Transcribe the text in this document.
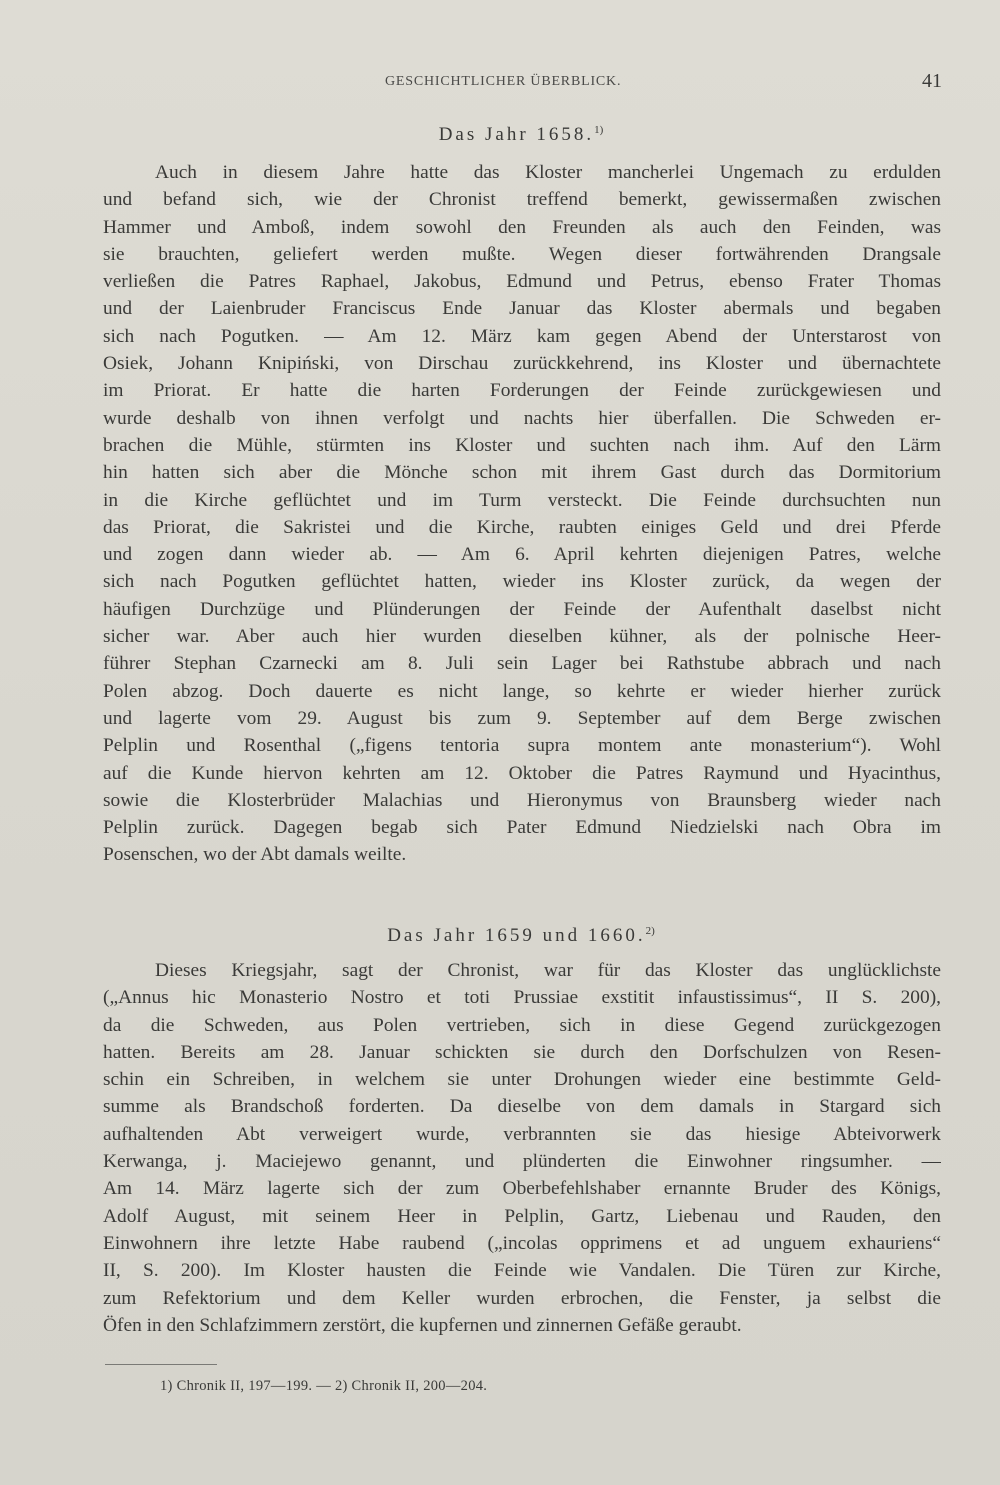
GESCHICHTLICHER ÜBERBLICK.	41
Das Jahr 1658.$^{1)}$
Auch in diesem Jahre hatte das Kloster mancherlei Ungemach zu erdulden
und befand sich, wie der Chronist treffend bemerkt, gewissermaßen zwischen
Hammer und Amboß, indem sowohl den Freunden als auch den Feinden, was
sie brauchten, geliefert werden mußte. Wegen dieser fortwährenden Drangsale
verließen die Patres Raphael, Jakobus, Edmund und Petrus, ebenso Frater Thomas
und der Laienbruder Franciscus Ende Januar das Kloster abermals und begaben
sich nach Pogutken. — Am 12. März kam gegen Abend der Unterstarost von
Osiek, Johann Knipiński, von Dirschau zurückkehrend, ins Kloster und übernachtete
im Priorat. Er hatte die harten Forderungen der Feinde zurückgewiesen und
wurde deshalb von ihnen verfolgt und nachts hier überfallen. Die Schweden er-
brachen die Mühle, stürmten ins Kloster und suchten nach ihm. Auf den Lärm
hin hatten sich aber die Mönche schon mit ihrem Gast durch das Dormitorium
in die Kirche geflüchtet und im Turm versteckt. Die Feinde durchsuchten nun
das Priorat, die Sakristei und die Kirche, raubten einiges Geld und drei Pferde
und zogen dann wieder ab. — Am 6. April kehrten diejenigen Patres, welche
sich nach Pogutken geflüchtet hatten, wieder ins Kloster zurück, da wegen der
häufigen Durchzüge und Plünderungen der Feinde der Aufenthalt daselbst nicht
sicher war. Aber auch hier wurden dieselben kühner, als der polnische Heer-
führer Stephan Czarnecki am 8. Juli sein Lager bei Rathstube abbrach und nach
Polen abzog. Doch dauerte es nicht lange, so kehrte er wieder hierher zurück
und lagerte vom 29. August bis zum 9. September auf dem Berge zwischen
Pelplin und Rosenthal („figens tentoria supra montem ante monasterium“). Wohl
auf die Kunde hiervon kehrten am 12. Oktober die Patres Raymund und Hyacinthus,
sowie die Klosterbrüder Malachias und Hieronymus von Braunsberg wieder nach
Pelplin zurück. Dagegen begab sich Pater Edmund Niedzielski nach Obra im
Posenschen, wo der Abt damals weilte.
Das Jahr 1659 und 1660.$^{2)}$
Dieses Kriegsjahr, sagt der Chronist, war für das Kloster das unglücklichste
(„Annus hic Monasterio Nostro et toti Prussiae exstitit infaustissimus“, II S. 200),
da die Schweden, aus Polen vertrieben, sich in diese Gegend zurückgezogen
hatten. Bereits am 28. Januar schickten sie durch den Dorfschulzen von Resen-
schin ein Schreiben, in welchem sie unter Drohungen wieder eine bestimmte Geld-
summe als Brandschoß forderten. Da dieselbe von dem damals in Stargard sich
aufhaltenden Abt verweigert wurde, verbrannten sie das hiesige Abteivorwerk
Kerwanga, j. Maciejewo genannt, und plünderten die Einwohner ringsumher. —
Am 14. März lagerte sich der zum Oberbefehlshaber ernannte Bruder des Königs,
Adolf August, mit seinem Heer in Pelplin, Gartz, Liebenau und Rauden, den
Einwohnern ihre letzte Habe raubend („incolas opprimens et ad unguem exhauriens“
II, S. 200). Im Kloster hausten die Feinde wie Vandalen. Die Türen zur Kirche,
zum Refektorium und dem Keller wurden erbrochen, die Fenster, ja selbst die
Öfen in den Schlafzimmern zerstört, die kupfernen und zinnernen Gefäße geraubt.
1) Chronik II, 197—199. — 2) Chronik II, 200—204.
